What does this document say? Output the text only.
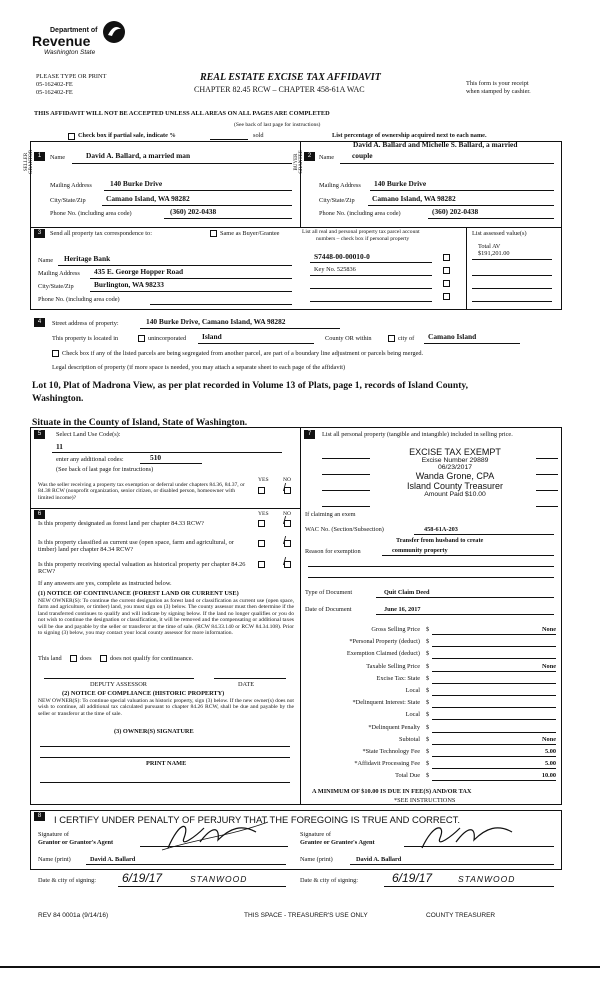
Department of
Revenue
Washington State
PLEASE TYPE OR PRINT
05-162402-FE
05-162402-FE
REAL ESTATE EXCISE TAX AFFIDAVIT
CHAPTER 82.45 RCW – CHAPTER 458-61A WAC
This form is your receipt
when stamped by cashier.
THIS AFFIDAVIT WILL NOT BE ACCEPTED UNLESS ALL AREAS ON ALL PAGES ARE COMPLETED
(See back of last page for instructions)
Check box if partial sale, indicate %	sold	List percentage of ownership acquired next to each name.
1	Name	David A. Ballard, a married man
SELLER GRANTOR
Mailing Address 140 Burke Drive
City/State/Zip	Camano Island, WA 98282
Phone No. (including area code)	(360) 202-0438
David A. Ballard and Michelle S. Ballard, a married
2	Name couple
BUYER GRANTEE
Mailing Address 140 Burke Drive
City/State/Zip Camano Island, WA 98282
Phone No. (including area code)	(360) 202-0438
3	Send all property tax correspondence to:	Same as Buyer/Grantee
Name Heritage Bank
Mailing Address 435 E. George Hopper Road
City/State/Zip	Burlington, WA 98233
Phone No. (including area code)
List all real and personal property tax parcel account
numbers – check box if personal property
List assessed value(s)
Total AV
$191,201.00
S7448-00-00010-0
Key No. 525836
4	Street address of property:	140 Burke Drive, Camano Island, WA 98282
This property is located in	unincorporated Island	County OR within	city of Camano Island
Check box if any of the listed parcels are being segregated from another parcel, are part of a boundary line adjustment or parcels being merged.
Legal description of property (if more space is needed, you may attach a separate sheet to each page of the affidavit)
Lot 10, Plat of Madrona View, as per plat recorded in Volume 13 of Plats, page 1, records of Island County,
Washington.
Situate in the County of Island, State of Washington.
5	Select Land Use Code(s):
11
enter any additional codes:	510
(See back of last page for instructions)
YES	NO
Was the seller receiving a property tax exemption or deferral under chapters 84.36, 84.37, or 84.38 RCW (nonprofit organization, senior citizen, or disabled person, homeowner with limited income)?
/
6	YES	NO
Is this property designated as forest land per chapter 84.33 RCW?	/
Is this property classified as current use (open space, farm and agricultural, or timber) land per chapter 84.34 RCW?
/
Is this property receiving special valuation as historical property per chapter 84.26 RCW?
/
If any answers are yes, complete as instructed below.
(1) NOTICE OF CONTINUANCE (FOREST LAND OR CURRENT USE)
NEW OWNER(S): To continue the current designation as forest land or classification as current use (open space, farm and agriculture, or timber) land, you must sign on (3) below. The county assessor must then determine if the land transferred continues to qualify and will indicate by signing below. If the land no longer qualifies or you do not wish to continue the designation or classification, it will be removed and the compensating or additional taxes will be due and payable by the seller or transferor at the time of sale. (RCW 84.33.140 or RCW 84.34.108). Prior to signing (3) below, you may contact your local county assessor for more information.
This land	does	does not qualify for continuance.
DEPUTY ASSESSOR	DATE
(2) NOTICE OF COMPLIANCE (HISTORIC PROPERTY)
NEW OWNER(S): To continue special valuation as historic property, sign (3) below. If the new owner(s) does not wish to continue, all additional tax calculated pursuant to chapter 84.26 RCW, shall be due and payable by the seller or transferor at the time of sale.
(3) OWNER(S) SIGNATURE
PRINT NAME
7	List all personal property (tangible and intangible) included in selling price.
EXCISE TAX EXEMPT
Excise Number 29889
06/23/2017
Wanda Grone, CPA
Island County Treasurer
Amount Paid $10.00
If claiming an exem
WAC No. (Section/Subsection)	458-61A-203
Transfer from husband to create
Reason for exemption	community property
Type of Document	Quit Claim Deed
Date of Document	June 16, 2017
Gross Selling Price $	None
*Personal Property (deduct) $
Exemption Claimed (deduct) $
Taxable Selling Price $	None
Excise Tax: State $
Local $
*Delinquent Interest: State $
Local $
*Delinquent Penalty $
Subtotal $	None
*State Technology Fee $	5.00
*Affidavit Processing Fee $	5.00
Total Due $	10.00
A MINIMUM OF $10.00 IS DUE IN FEE(S) AND/OR TAX
*SEE INSTRUCTIONS
8	I CERTIFY UNDER PENALTY OF PERJURY THAT THE FOREGOING IS TRUE AND CORRECT.
Signature of
Grantor or Grantor's Agent
Signature of
Grantee or Grantee's Agent
Name (print)	David A. Ballard	Name (print)	David A. Ballard
Date & city of signing: 6/19/17	STANWOOD	Date & city of signing:	6/19/17	STANWOOD
REV 84 0001a (9/14/16)	THIS SPACE - TREASURER'S USE ONLY	COUNTY TREASURER
